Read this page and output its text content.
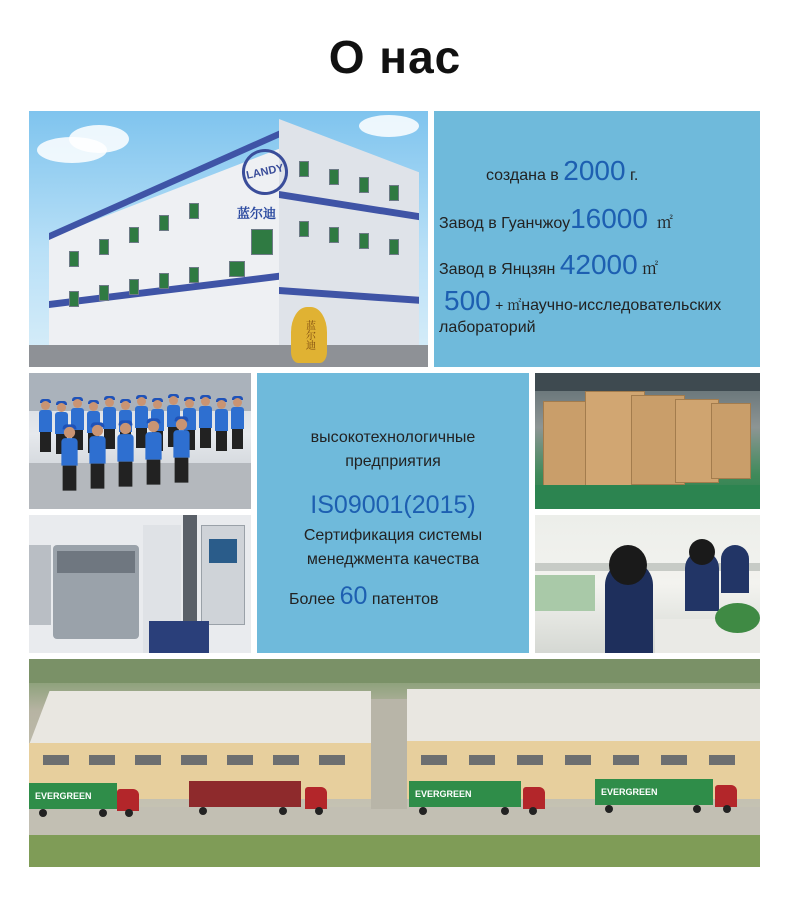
О нас
LANDY
蓝尔迪
蓝尔迪
создана в 2000 г.
Завод в Гуанчжоу16000 ㎡
Завод в Янцзян 42000 ㎡
500 + ㎡научно-исследовательских
лабораторий
высокотехнологичные
предприятия
IS09001(2015)
Сертификация системы
менеджмента качества
Более 60 патентов
EVERGREEN	EVERGREEN	EVERGREEN
